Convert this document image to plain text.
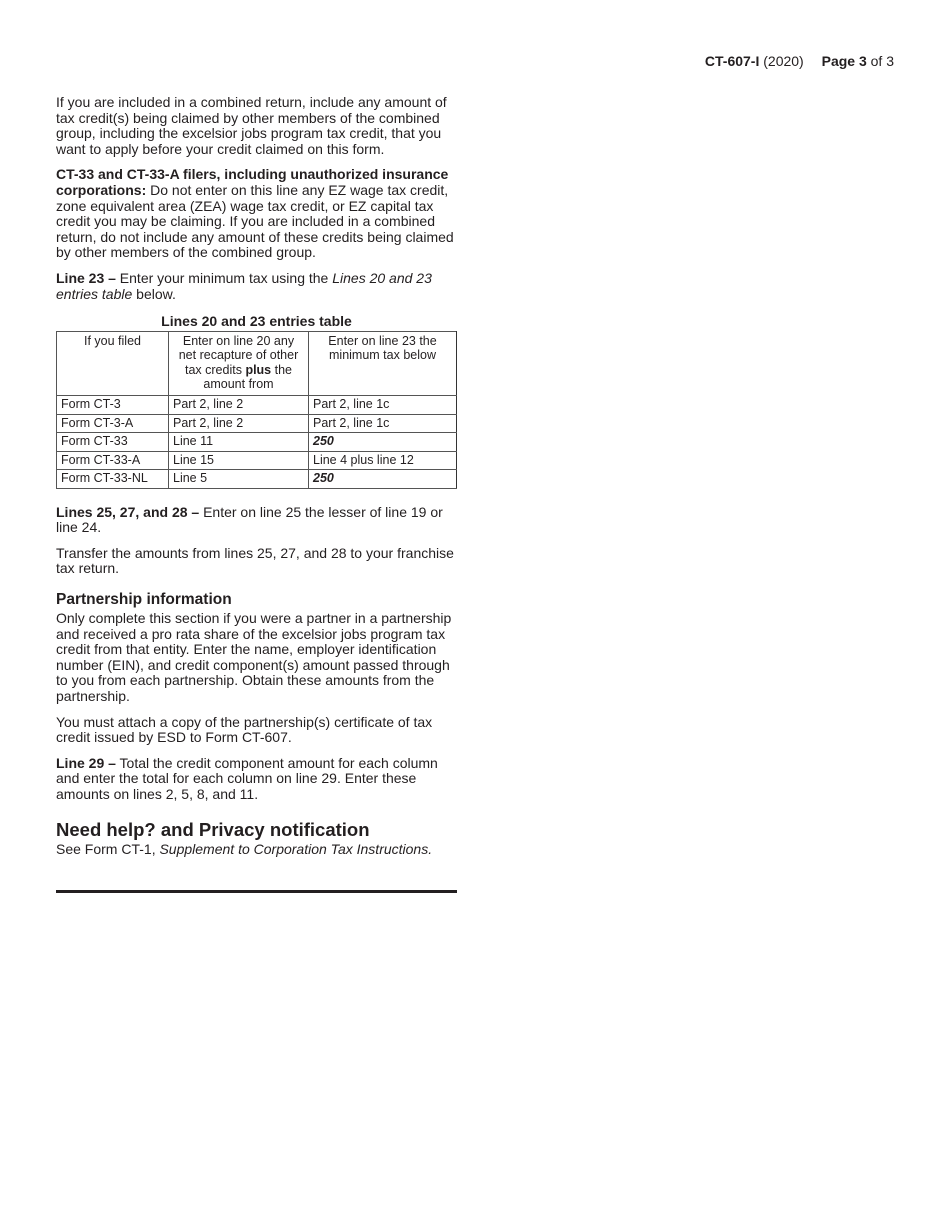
CT-607-I (2020) Page 3 of 3

If you are included in a combined return, include any amount of tax credit(s) being claimed by other members of the combined group, including the excelsior jobs program tax credit, that you want to apply before your credit claimed on this form.

CT-33 and CT-33-A filers, including unauthorized insurance corporations: Do not enter on this line any EZ wage tax credit, zone equivalent area (ZEA) wage tax credit, or EZ capital tax credit you may be claiming. If you are included in a combined return, do not include any amount of these credits being claimed by other members of the combined group.

Line 23 – Enter your minimum tax using the Lines 20 and 23 entries table below.

Lines 20 and 23 entries table
If you filed	Enter on line 20 any net recapture of other tax credits plus the amount from	Enter on line 23 the minimum tax below
Form CT-3	Part 2, line 2	Part 2, line 1c
Form CT-3-A	Part 2, line 2	Part 2, line 1c
Form CT-33	Line 11	250
Form CT-33-A	Line 15	Line 4 plus line 12
Form CT-33-NL	Line 5	250

Lines 25, 27, and 28 – Enter on line 25 the lesser of line 19 or line 24.

Transfer the amounts from lines 25, 27, and 28 to your franchise tax return.

Partnership information

Only complete this section if you were a partner in a partnership and received a pro rata share of the excelsior jobs program tax credit from that entity. Enter the name, employer identification number (EIN), and credit component(s) amount passed through to you from each partnership. Obtain these amounts from the partnership.

You must attach a copy of the partnership(s) certificate of tax credit issued by ESD to Form CT-607.

Line 29 – Total the credit component amount for each column and enter the total for each column on line 29. Enter these amounts on lines 2, 5, 8, and 11.

Need help? and Privacy notification

See Form CT-1, Supplement to Corporation Tax Instructions.
